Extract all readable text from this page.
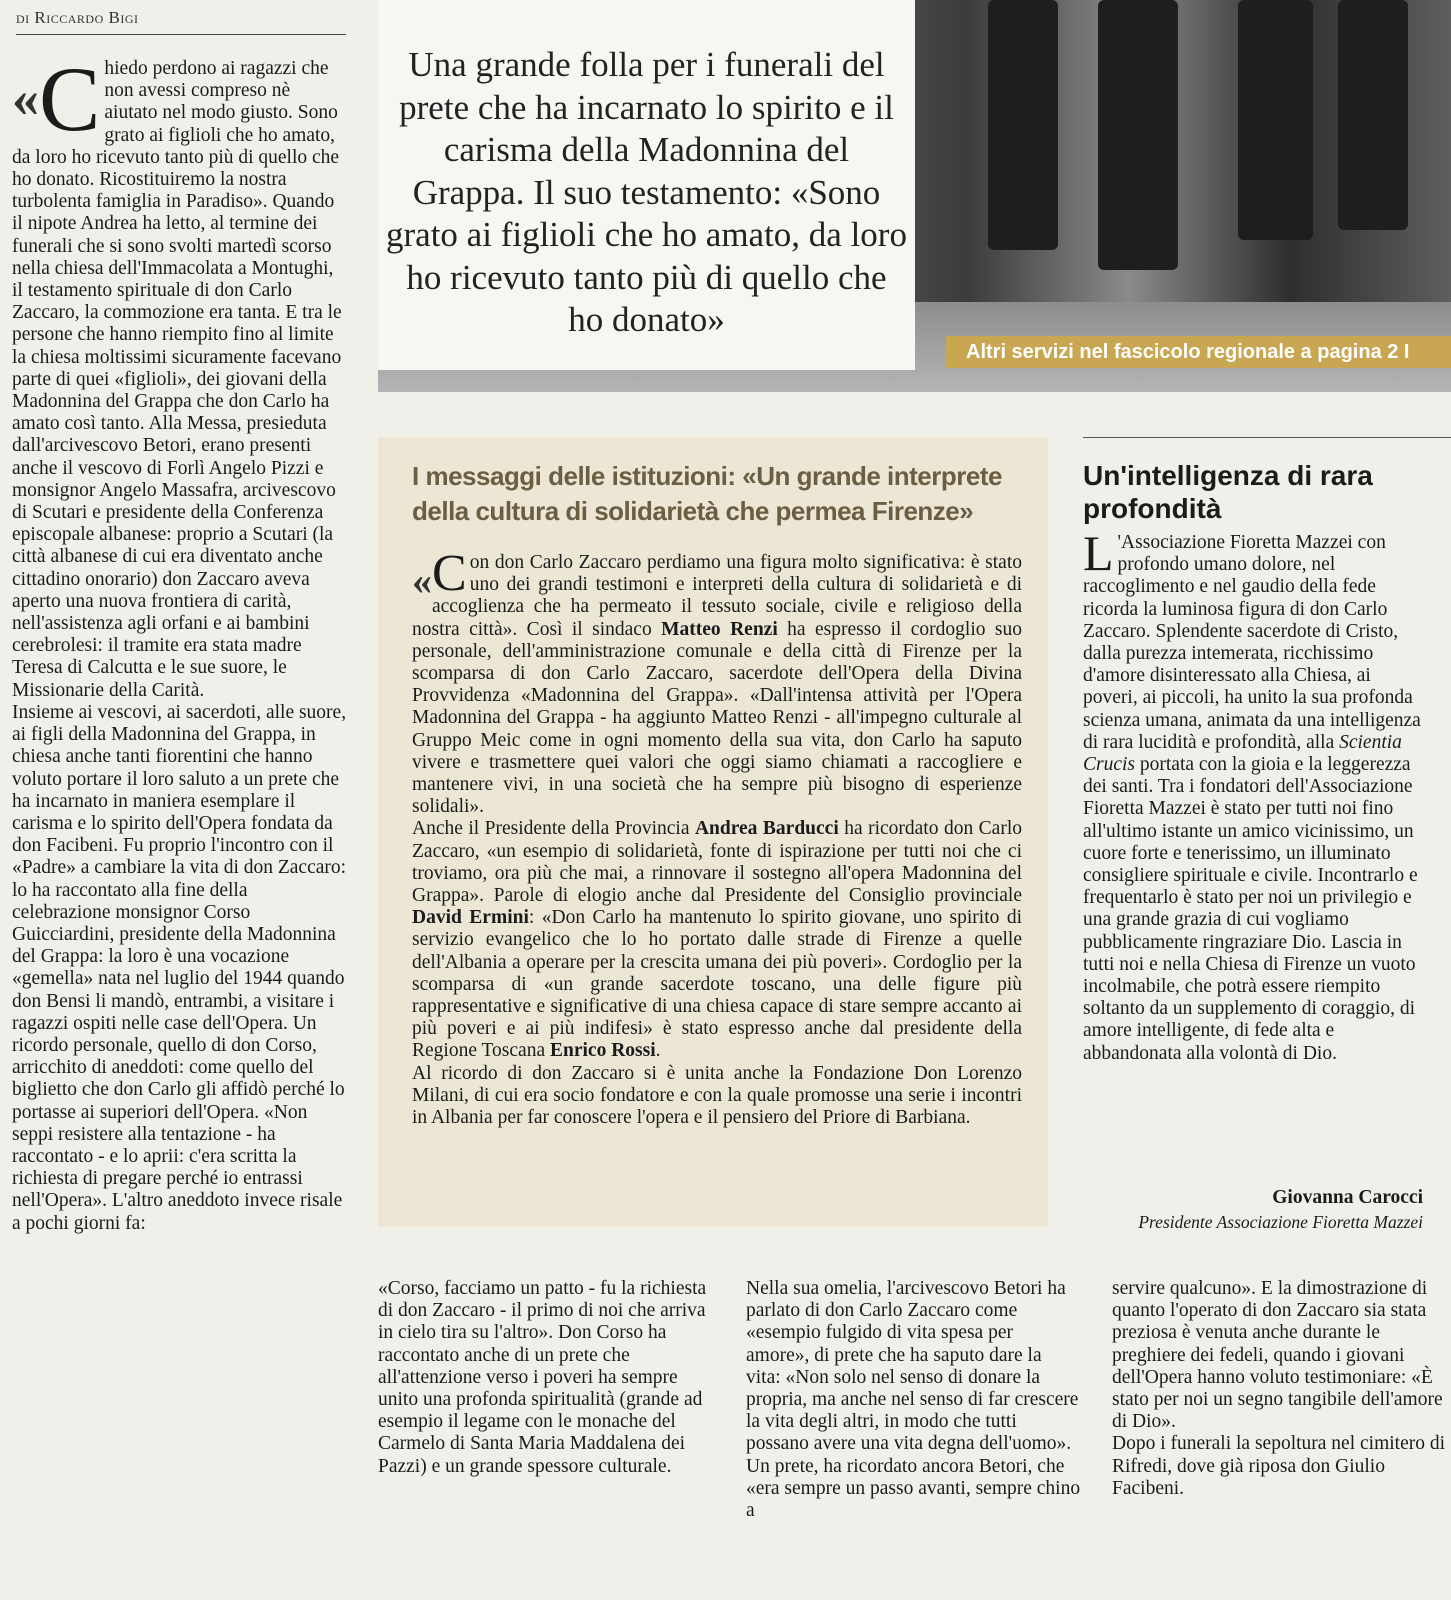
di Riccardo Bigi

« C hiedo perdono ai ragazzi che non avessi compreso nè aiutato nel modo giusto. Sono grato ai figlioli che ho amato, da loro ho ricevuto tanto più di quello che ho donato. Ricostituiremo la nostra turbolenta famiglia in Paradiso». Quando il nipote Andrea ha letto, al termine dei funerali che si sono svolti martedì scorso nella chiesa dell'Immacolata a Montughi, il testamento spirituale di don Carlo Zaccaro, la commozione era tanta. E tra le persone che hanno riempito fino al limite la chiesa moltissimi sicuramente facevano parte di quei «figlioli», dei giovani della Madonnina del Grappa che don Carlo ha amato così tanto. Alla Messa, presieduta dall'arcivescovo Betori, erano presenti anche il vescovo di Forlì Angelo Pizzi e monsignor Angelo Massafra, arcivescovo di Scutari e presidente della Conferenza episcopale albanese: proprio a Scutari (la città albanese di cui era diventato anche cittadino onorario) don Zaccaro aveva aperto una nuova frontiera di carità, nell'assistenza agli orfani e ai bambini cerebrolesi: il tramite era stata madre Teresa di Calcutta e le sue suore, le Missionarie della Carità.

Insieme ai vescovi, ai sacerdoti, alle suore, ai figli della Madonnina del Grappa, in chiesa anche tanti fiorentini che hanno voluto portare il loro saluto a un prete che ha incarnato in maniera esemplare il carisma e lo spirito dell'Opera fondata da don Facibeni. Fu proprio l'incontro con il «Padre» a cambiare la vita di don Zaccaro: lo ha raccontato alla fine della celebrazione monsignor Corso Guicciardini, presidente della Madonnina del Grappa: la loro è una vocazione «gemella» nata nel luglio del 1944 quando don Bensi li mandò, entrambi, a visitare i ragazzi ospiti nelle case dell'Opera. Un ricordo personale, quello di don Corso, arricchito di aneddoti: come quello del biglietto che don Carlo gli affidò perché lo portasse ai superiori dell'Opera. «Non seppi resistere alla tentazione - ha raccontato - e lo aprii: c'era scritta la richiesta di pregare perché io entrassi nell'Opera». L'altro aneddoto invece risale a pochi giorni fa:

Una grande folla per i funerali del prete che ha incarnato lo spirito e il carisma della Madonnina del Grappa. Il suo testamento: «Sono grato ai figlioli che ho amato, da loro ho ricevuto tanto più di quello che ho donato»
Altri servizi nel fascicolo regionale a pagina 2 I
I messaggi delle istituzioni: «Un grande interprete della cultura di solidarietà che permea Firenze»

« C on don Carlo Zaccaro perdiamo una figura molto significativa: è stato uno dei grandi testimoni e interpreti della cultura di solidarietà e di accoglienza che ha permeato il tessuto sociale, civile e religioso della nostra città». Così il sindaco Matteo Renzi ha espresso il cordoglio suo personale, dell'amministrazione comunale e della città di Firenze per la scomparsa di don Carlo Zaccaro, sacerdote dell'Opera della Divina Provvidenza «Madonnina del Grappa». «Dall'intensa attività per l'Opera Madonnina del Grappa - ha aggiunto Matteo Renzi - all'impegno culturale al Gruppo Meic come in ogni momento della sua vita, don Carlo ha saputo vivere e trasmettere quei valori che oggi siamo chiamati a raccogliere e mantenere vivi, in una società che ha sempre più bisogno di esperienze solidali».

Anche il Presidente della Provincia Andrea Barducci ha ricordato don Carlo Zaccaro, «un esempio di solidarietà, fonte di ispirazione per tutti noi che ci troviamo, ora più che mai, a rinnovare il sostegno all'opera Madonnina del Grappa». Parole di elogio anche dal Presidente del Consiglio provinciale David Ermini: «Don Carlo ha mantenuto lo spirito giovane, uno spirito di servizio evangelico che lo ho portato dalle strade di Firenze a quelle dell'Albania a operare per la crescita umana dei più poveri». Cordoglio per la scomparsa di «un grande sacerdote toscano, una delle figure più rappresentative e significative di una chiesa capace di stare sempre accanto ai più poveri e ai più indifesi» è stato espresso anche dal presidente della Regione Toscana Enrico Rossi.

Al ricordo di don Zaccaro si è unita anche la Fondazione Don Lorenzo Milani, di cui era socio fondatore e con la quale promosse una serie i incontri in Albania per far conoscere l'opera e il pensiero del Priore di Barbiana.

Un'intelligenza di rara profondità
L 'Associazione Fioretta Mazzei con profondo umano dolore, nel raccoglimento e nel gaudio della fede ricorda la luminosa figura di don Carlo Zaccaro. Splendente sacerdote di Cristo, dalla purezza intemerata, ricchissimo d'amore disinteressato alla Chiesa, ai poveri, ai piccoli, ha unito la sua profonda scienza umana, animata da una intelligenza di rara lucidità e profondità, alla Scientia Crucis portata con la gioia e la leggerezza dei santi. Tra i fondatori dell'Associazione Fioretta Mazzei è stato per tutti noi fino all'ultimo istante un amico vicinissimo, un cuore forte e tenerissimo, un illuminato consigliere spirituale e civile. Incontrarlo e frequentarlo è stato per noi un privilegio e una grande grazia di cui vogliamo pubblicamente ringraziare Dio. Lascia in tutti noi e nella Chiesa di Firenze un vuoto incolmabile, che potrà essere riempito soltanto da un supplemento di coraggio, di amore intelligente, di fede alta e abbandonata alla volontà di Dio.
Giovanna Carocci
Presidente Associazione Fioretta Mazzei
«Corso, facciamo un patto - fu la richiesta di don Zaccaro - il primo di noi che arriva in cielo tira su l'altro». Don Corso ha raccontato anche di un prete che all'attenzione verso i poveri ha sempre unito una profonda spiritualità (grande ad esempio il legame con le monache del Carmelo di Santa Maria Maddalena dei Pazzi) e un grande spessore culturale.
Nella sua omelia, l'arcivescovo Betori ha parlato di don Carlo Zaccaro come «esempio fulgido di vita spesa per amore», di prete che ha saputo dare la vita: «Non solo nel senso di donare la propria, ma anche nel senso di far crescere la vita degli altri, in modo che tutti possano avere una vita degna dell'uomo». Un prete, ha ricordato ancora Betori, che «era sempre un passo avanti, sempre chino a

servire qualcuno». E la dimostrazione di quanto l'operato di don Zaccaro sia stata preziosa è venuta anche durante le preghiere dei fedeli, quando i giovani dell'Opera hanno voluto testimoniare: «È stato per noi un segno tangibile dell'amore di Dio».

Dopo i funerali la sepoltura nel cimitero di Rifredi, dove già riposa don Giulio Facibeni.
